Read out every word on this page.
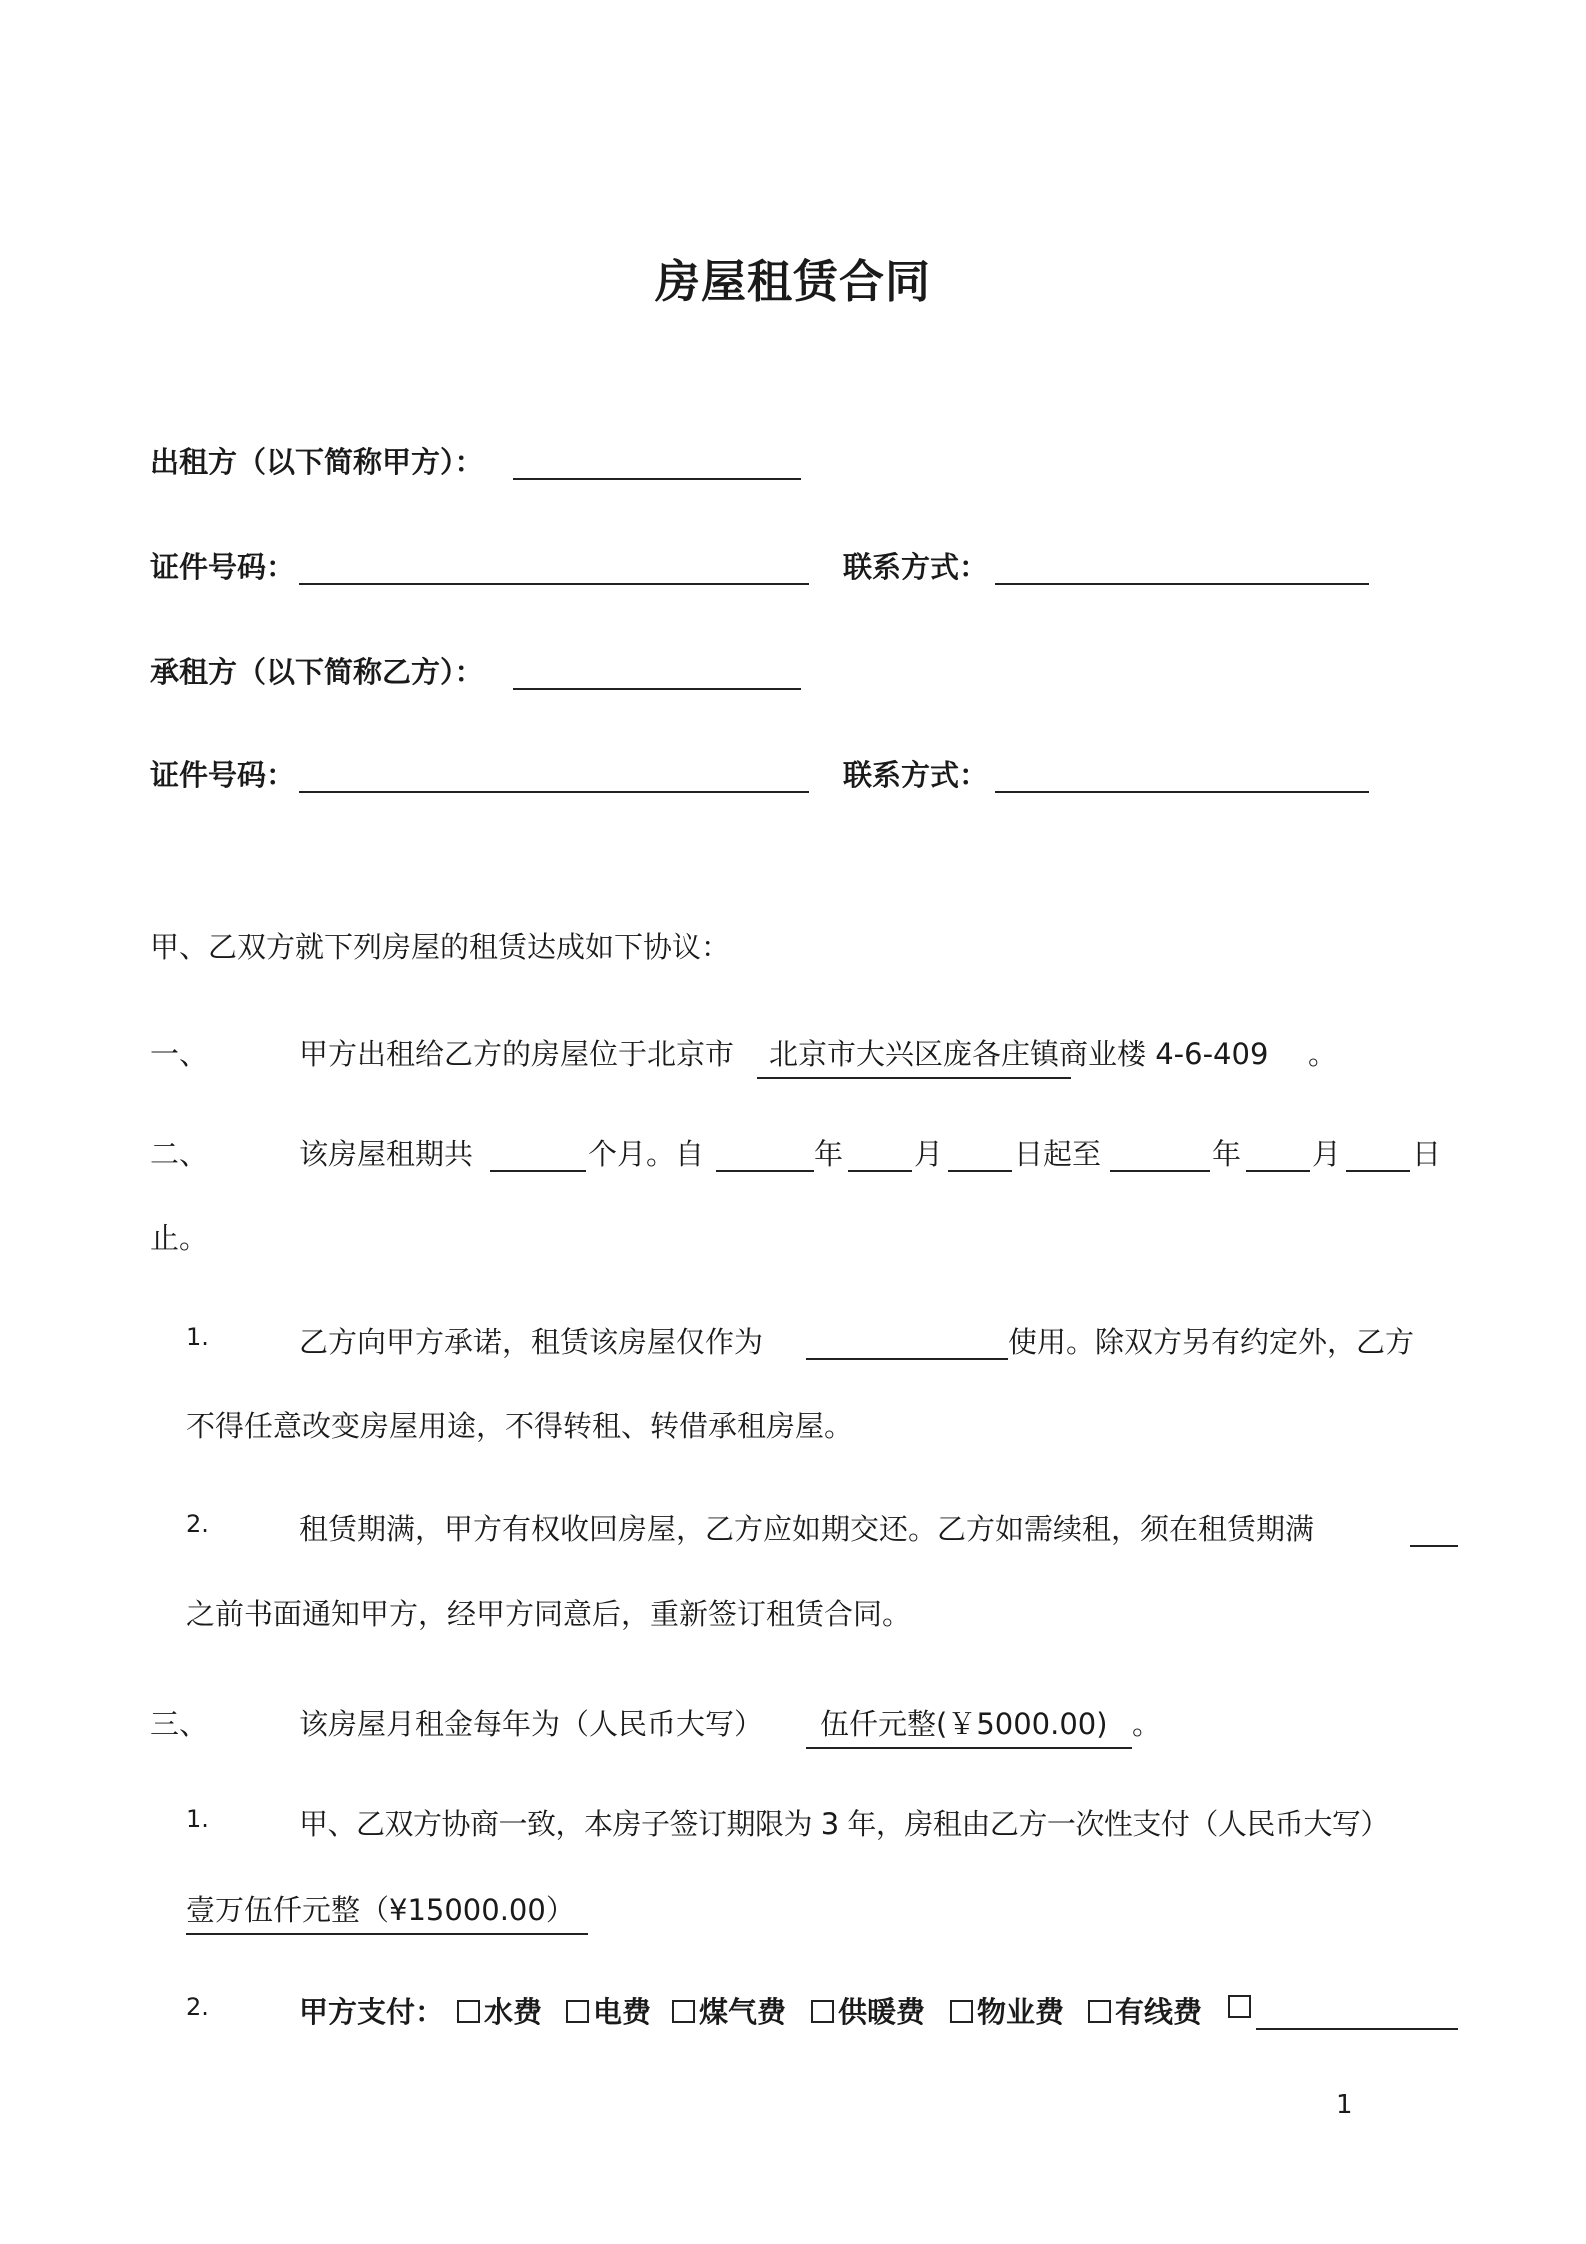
房屋租赁合同
出租方（以下简称甲方）：
证件号码：	联系方式：
承租方（以下简称乙方）：
证件号码：	联系方式：
甲、乙双方就下列房屋的租赁达成如下协议：
一、	甲方出租给乙方的房屋位于北京市	北京市大兴区庞各庄镇商业楼 4-6-409 。
二、	该房屋租期共	个月。自	年 月 日起至	年 月 日
止。
1.	乙方向甲方承诺，租赁该房屋仅作为	使用。除双方另有约定外，乙方
不得任意改变房屋用途，不得转租、转借承租房屋。
2.	租赁期满，甲方有权收回房屋，乙方应如期交还。乙方如需续租，须在租赁期满
之前书面通知甲方，经甲方同意后，重新签订租赁合同。
三、	该房屋月租金每年为（人民币大写）	伍仟元整(￥5000.00) 。
1.	甲、乙双方协商一致，本房子签订期限为 3 年，房租由乙方一次性支付（人民币大写）
壹万伍仟元整（¥15000.00）
2.	甲方支付：	水费	电费	煤气费	供暖费	物业费	有线费
1
